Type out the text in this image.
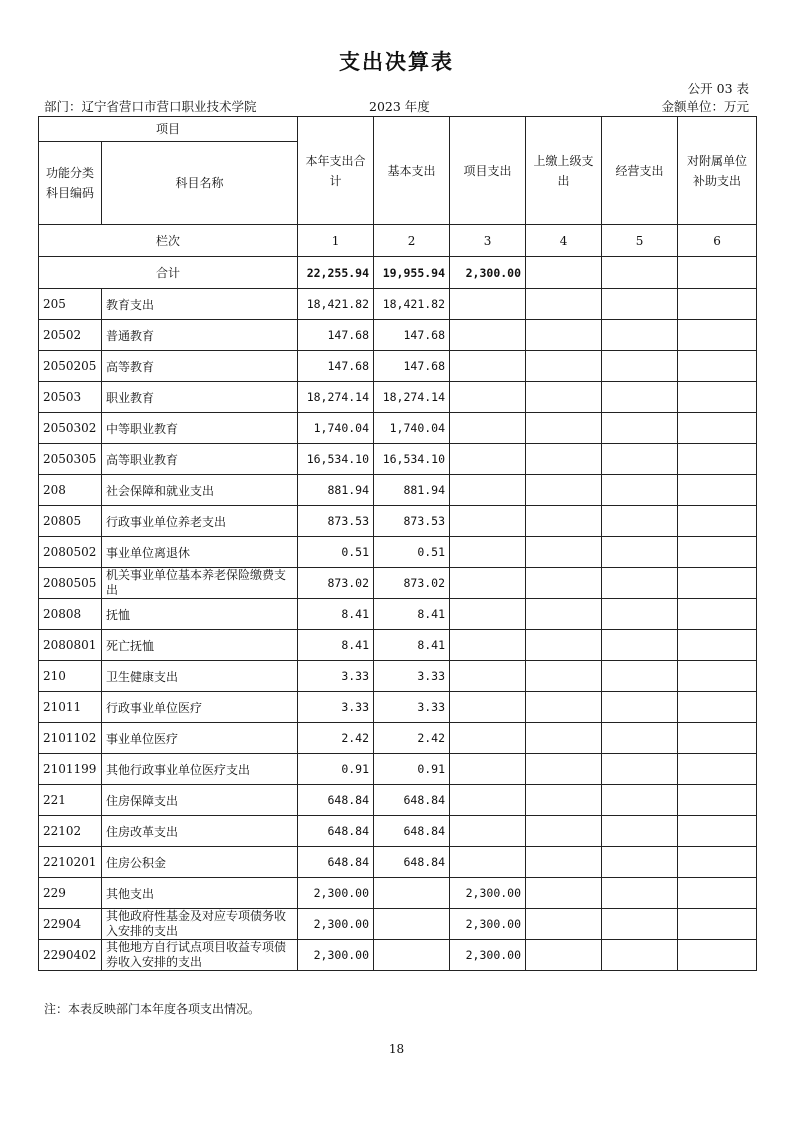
支出决算表
公开 03 表
部门：辽宁省营口市营口职业技术学院	2023 年度	金额单位：万元
项目		本年支出合计	基本支出	项目支出	上缴上级支出	经营支出	对附属单位补助支出
功能分类科目编码	科目名称						
栏次		1	2	3	4	5	6
合计		22,255.94	19,955.94	2,300.00			
205	教育支出	18,421.82	18,421.82				
20502	普通教育	147.68	147.68				
2050205	高等教育	147.68	147.68				
20503	职业教育	18,274.14	18,274.14				
2050302	中等职业教育	1,740.04	1,740.04				
2050305	高等职业教育	16,534.10	16,534.10				
208	社会保障和就业支出	881.94	881.94				
20805	行政事业单位养老支出	873.53	873.53				
2080502	事业单位离退休	0.51	0.51				
2080505	机关事业单位基本养老保险缴费支出	873.02	873.02				
20808	抚恤	8.41	8.41				
2080801	死亡抚恤	8.41	8.41				
210	卫生健康支出	3.33	3.33				
21011	行政事业单位医疗	3.33	3.33				
2101102	事业单位医疗	2.42	2.42				
2101199	其他行政事业单位医疗支出	0.91	0.91				
221	住房保障支出	648.84	648.84				
22102	住房改革支出	648.84	648.84				
2210201	住房公积金	648.84	648.84				
229	其他支出	2,300.00		2,300.00			
22904	其他政府性基金及对应专项债务收入安排的支出	2,300.00		2,300.00			
2290402	其他地方自行试点项目收益专项债券收入安排的支出	2,300.00		2,300.00			
注：本表反映部门本年度各项支出情况。
18
